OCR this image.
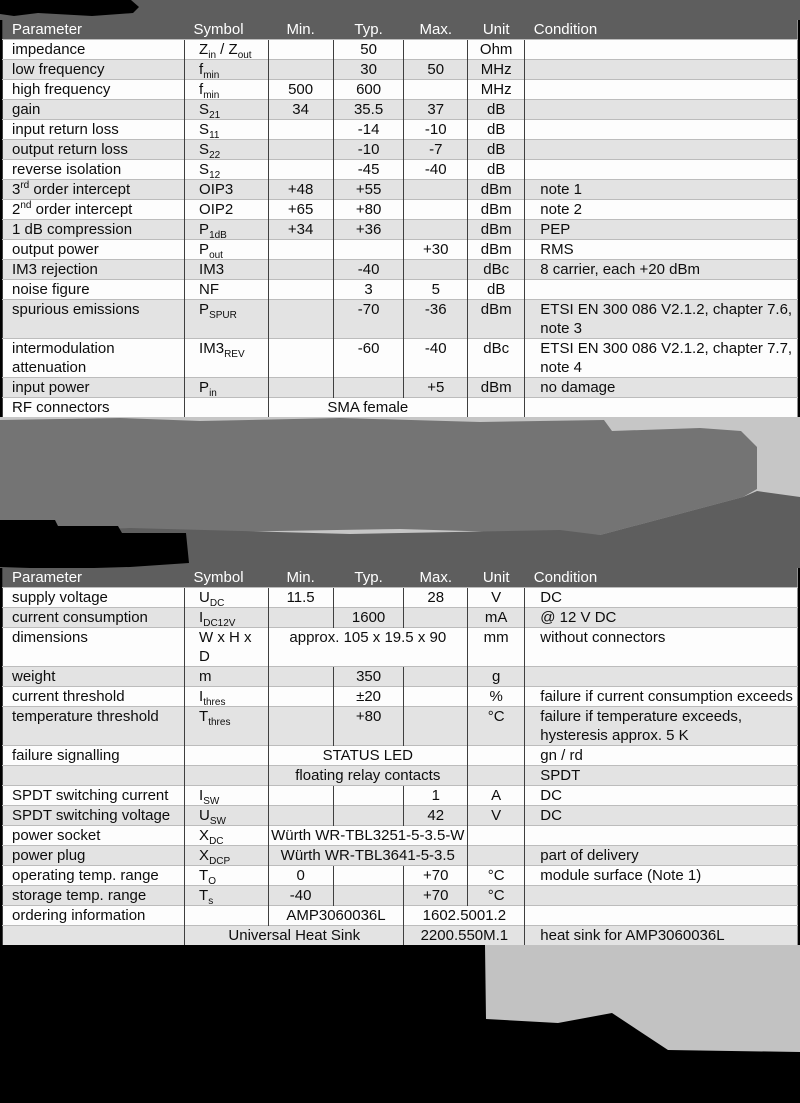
Parameter	Symbol	Min.	Typ.	Max.	Unit	Condition
impedance	$Z_{in} / Z_{out}$		50		Ohm	
low frequency	$f_{min}$		30	50	MHz	
high frequency	$f_{min}$	500	600		MHz	
gain	$S_{21}$	34	35.5	37	dB	
input return loss	$S_{11}$		-14	-10	dB	
output return loss	$S_{22}$		-10	-7	dB	
reverse isolation	$S_{12}$		-45	-40	dB	
3rd order intercept	OIP3	+48	+55		dBm	note 1
2nd order intercept	OIP2	+65	+80		dBm	note 2
1 dB compression	$P_{1dB}$	+34	+36		dBm	PEP
output power	$P_{out}$			+30	dBm	RMS
IM3 rejection	IM3		-40		dBc	8 carrier, each +20 dBm
noise figure	NF		3	5	dB	
spurious emissions	$P_{SPUR}$		-70	-36	dBm	ETSI EN 300 086 V2.1.2, chapter 7.6, note 3
intermodulation attenuation	$IM3_{REV}$		-60	-40	dBc	ETSI EN 300 086 V2.1.2, chapter 7.7, note 4
input power	$P_{in}$			+5	dBm	no damage
RF connectors		SMA female				
Parameter	Symbol	Min.	Typ.	Max.	Unit	Condition
supply voltage	$U_{DC}$	11.5		28	V	DC
current consumption	$I_{DC12V}$		1600		mA	@ 12 V DC
dimensions	W x H x D	approx. 105 x 19.5 x 90			mm	without connectors
weight	m		350		g	
current threshold	$I_{thres}$		±20		%	failure if current consumption exceeds
temperature threshold	$T_{thres}$		+80		°C	failure if temperature exceeds, hysteresis approx. 5 K
failure signalling		STATUS LED				gn / rd
		floating relay contacts				SPDT
SPDT switching current	$I_{SW}$			1	A	DC
SPDT switching voltage	$U_{SW}$			42	V	DC
power socket	$X_{DC}$	Würth WR-TBL3251-5-3.5-W				
power plug	$X_{DCP}$	Würth WR-TBL3641-5-3.5				part of delivery
operating temp. range	$T_O$	0		+70	°C	module surface (Note 1)
storage temp. range	$T_s$	-40		+70	°C	
ordering information		AMP3060036L		1602.5001.2		
	Universal Heat Sink			2200.550M.1		heat sink for AMP3060036L
